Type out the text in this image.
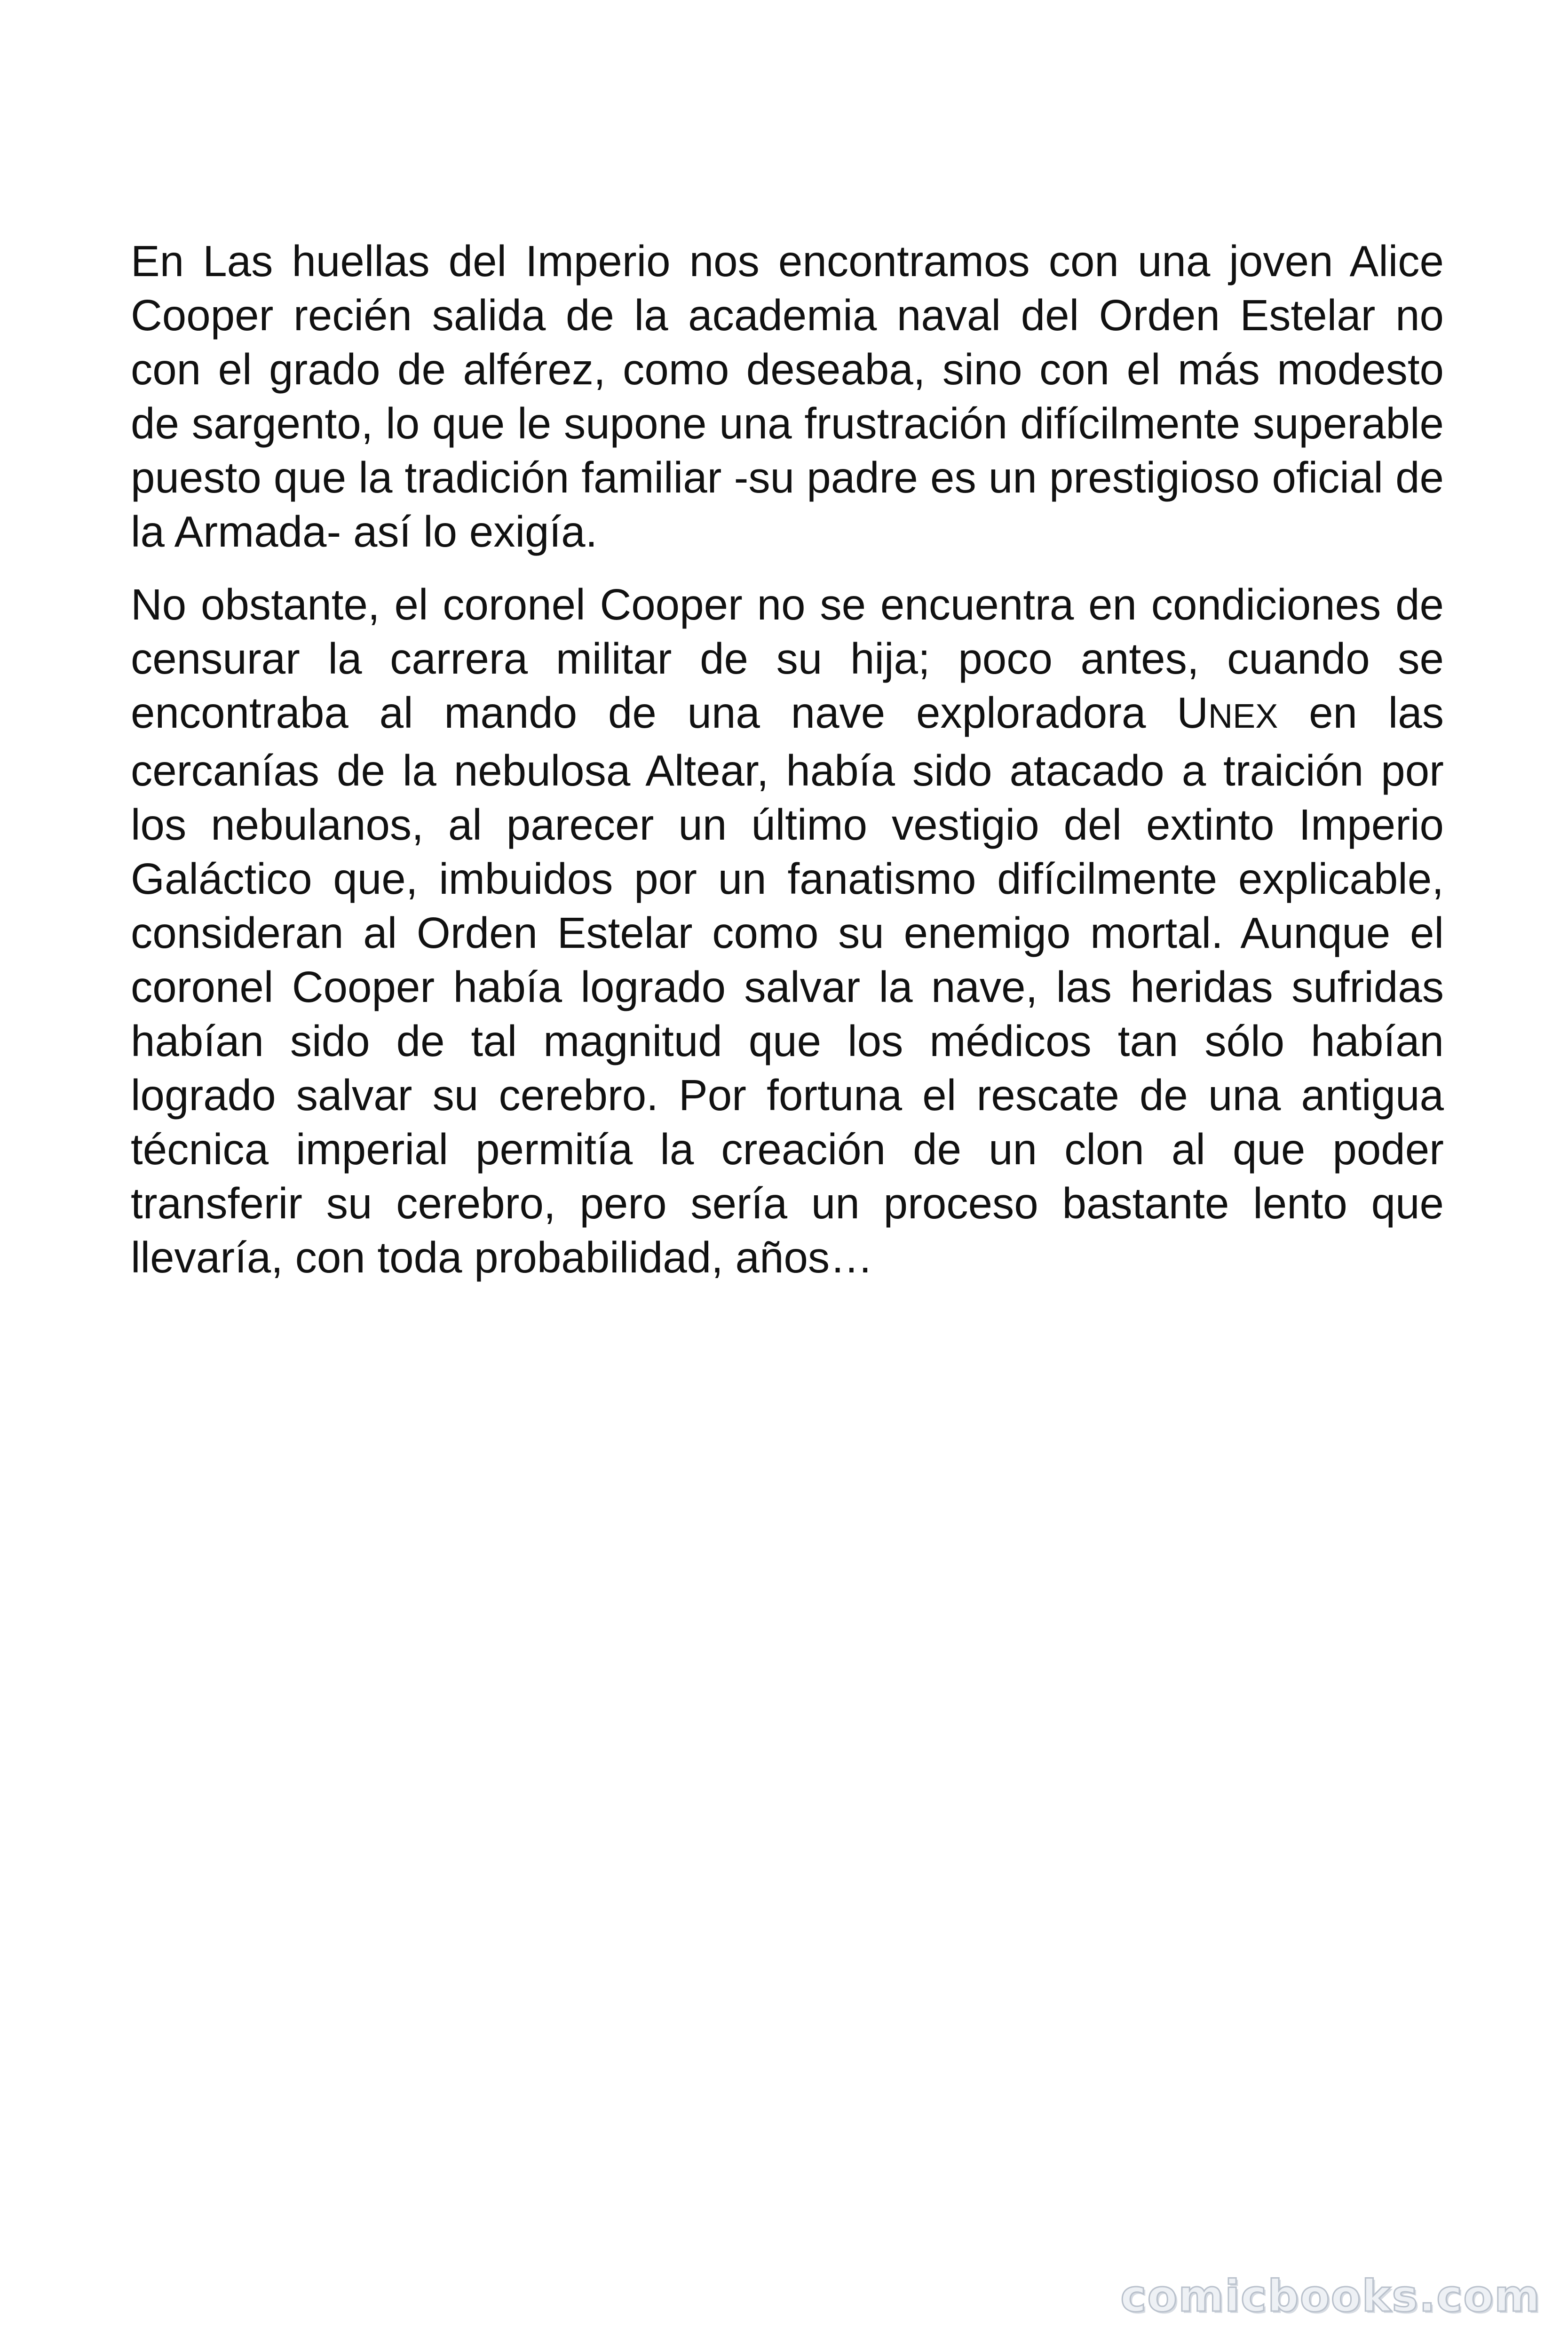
En Las huellas del Imperio nos encontramos con una joven Alice Cooper recién salida de la academia naval del Orden Estelar no con el grado de alférez, como deseaba, sino con el más modesto de sargento, lo que le supone una frustración difícilmente superable puesto que la tradición familiar -su padre es un prestigioso oficial de la Armada- así lo exigía.

No obstante, el coronel Cooper no se encuentra en condiciones de censurar la carrera militar de su hija; poco antes, cuando se encontraba al mando de una nave exploradora UNEX en las cercanías de la nebulosa Altear, había sido atacado a traición por los nebulanos, al parecer un último vestigio del extinto Imperio Galáctico que, imbuidos por un fanatismo difícilmente explicable, consideran al Orden Estelar como su enemigo mortal. Aunque el coronel Cooper había logrado salvar la nave, las heridas sufridas habían sido de tal magnitud que los médicos tan sólo habían logrado salvar su cerebro. Por fortuna el rescate de una antigua técnica imperial permitía la creación de un clon al que poder transferir su cerebro, pero sería un proceso bastante lento que llevaría, con toda probabilidad, años…

comicbooks.com
